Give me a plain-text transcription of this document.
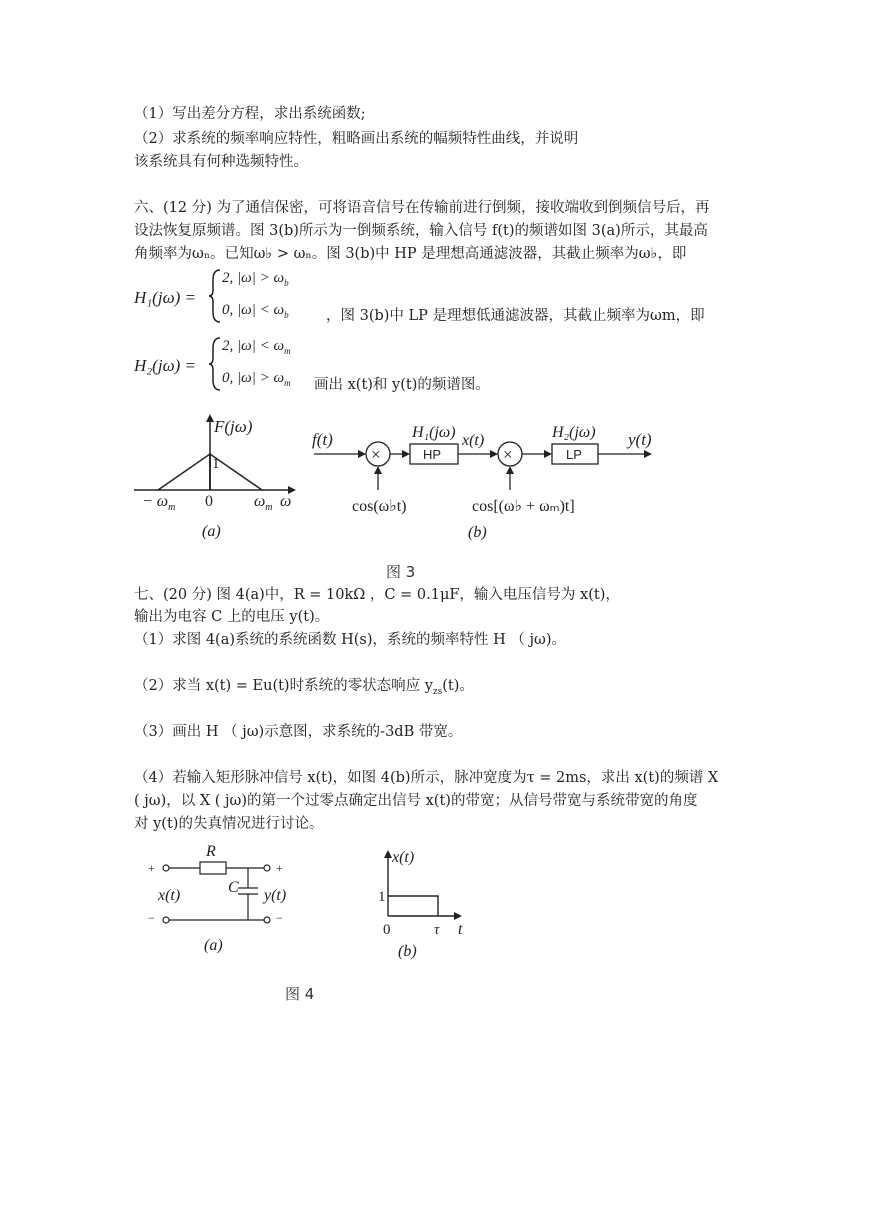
（1）写出差分方程，求出系统函数;
（2）求系统的频率响应特性，粗略画出系统的幅频特性曲线，并说明
该系统具有何种选频特性。
六、(12 分) 为了通信保密，可将语音信号在传输前进行倒频，接收端收到倒频信号后，再
设法恢复原频谱。图 3(b)所示为一倒频系统，输入信号 f(t)的频谱如图 3(a)所示，其最高
角频率为ωₙ。已知ω♭ > ωₙ。图 3(b)中 HP 是理想高通滤波器，其截止频率为ω♭，即
H₁(jω) =
2, $|\omega| > \omega_b$
0, $|\omega| < \omega_b$	，图 3(b)中 LP 是理想低通滤波器，其截止频率为ωm，即
H₂(jω) =
2, $|\omega| < \omega_m$
0, $|\omega| > \omega_m$ 画出 x(t)和 y(t)的频谱图。
F(jω)
1
− $\omega_m$ 0	$\omega_m$ ω
(a)
f(t)
×
cos(ω♭t)
HP
H₁(jω) x(t)
×
cos[(ω♭ + ωₘ)t]
LP
H₂(jω) y(t)
(b)
图 3
七、(20 分) 图 4(a)中，R = 10kΩ ，C = 0.1μF，输入电压信号为 x(t)，
输出为电容 C 上的电压 y(t)。
（1）求图 4(a)系统的系统函数 H(s)，系统的频率特性 H （ jω)。
（2）求当 x(t) = Eu(t)时系统的零状态响应 $y_{zs}(t)$。
（3）画出 H （ jω)示意图，求系统的-3dB 带宽。
（4）若输入矩形脉冲信号 x(t)，如图 4(b)所示，脉冲宽度为τ = 2ms，求出 x(t)的频谱 X
( jω)，以 X ( jω)的第一个过零点确定出信号 x(t)的带宽；从信号带宽与系统带宽的角度
对 y(t)的失真情况进行讨论。
R
C
+
−
+
−
x(t)	y(t)
(a)
x(t)
1
0	τ t
(b)
图 4
